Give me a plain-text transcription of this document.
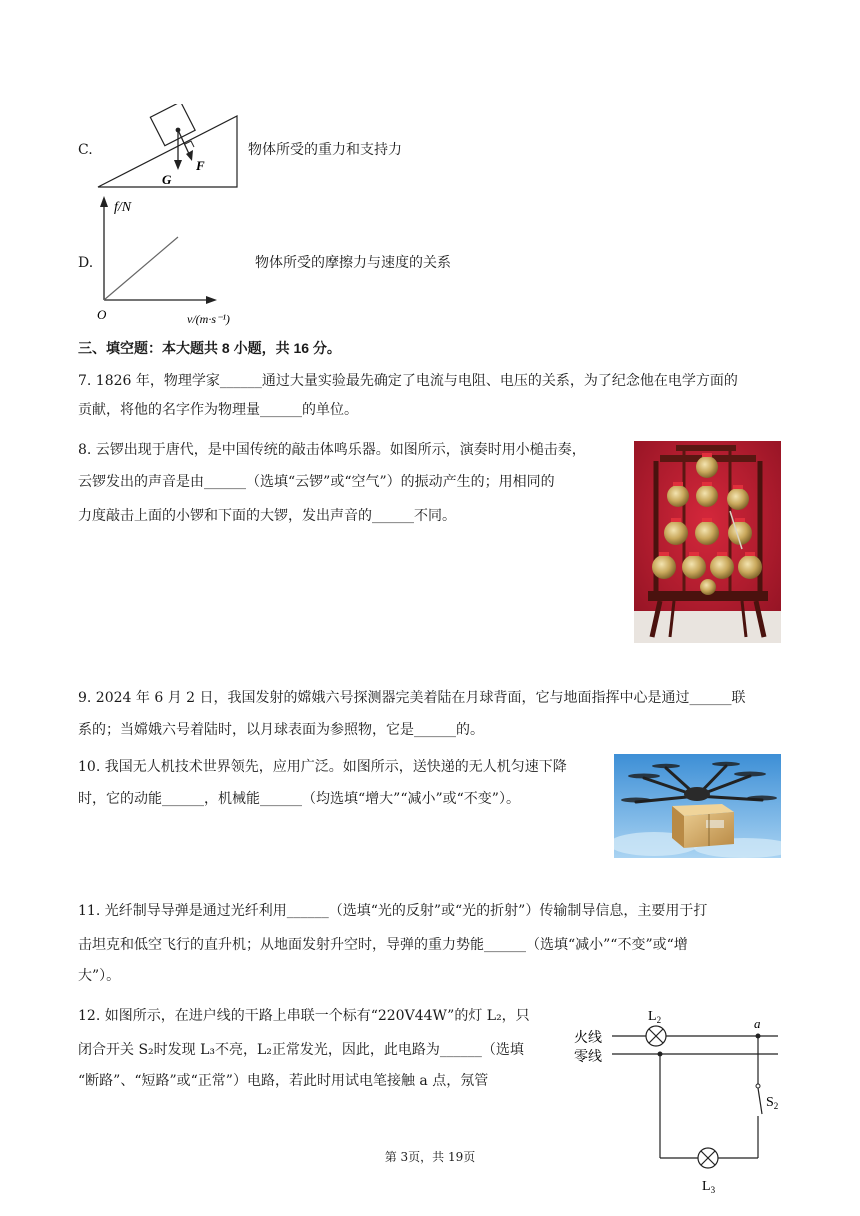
C.
G
F
物体所受的重力和支持力
D.
f/N
O	v/(m·s⁻¹)
物体所受的摩擦力与速度的关系
三、填空题：本大题共 8 小题，共 16 分。
7. 1826 年，物理学家______通过大量实验最先确定了电流与电阻、电压的关系，为了纪念他在电学方面的
贡献，将他的名字作为物理量______的单位。
8. 云锣出现于唐代，是中国传统的敲击体鸣乐器。如图所示，演奏时用小槌击奏，
云锣发出的声音是由______（选填“云锣”或“空气”）的振动产生的；用相同的
力度敲击上面的小锣和下面的大锣，发出声音的______不同。
9. 2024 年 6 月 2 日，我国发射的嫦娥六号探测器完美着陆在月球背面，它与地面指挥中心是通过______联
系的；当嫦娥六号着陆时，以月球表面为参照物，它是______的。
10. 我国无人机技术世界领先，应用广泛。如图所示，送快递的无人机匀速下降
时，它的动能______，机械能______（均选填“增大”“减小”或“不变”）。
11. 光纤制导导弹是通过光纤利用______（选填“光的反射”或“光的折射”）传输制导信息，主要用于打
击坦克和低空飞行的直升机；从地面发射升空时，导弹的重力势能______（选填“减小”“不变”或“增
大”）。
12. 如图所示，在进户线的干路上串联一个标有“220V44W”的灯 L₂，只
闭合开关 S₂时发现 L₃不亮，L₂正常发光，因此，此电路为______（选填
“断路”、“短路”或“正常”）电路，若此时用试电笔接触 a 点，氖管
火线
零线
$L_2$	a
$S_2$
$L_3$
第 3页，共 19页
